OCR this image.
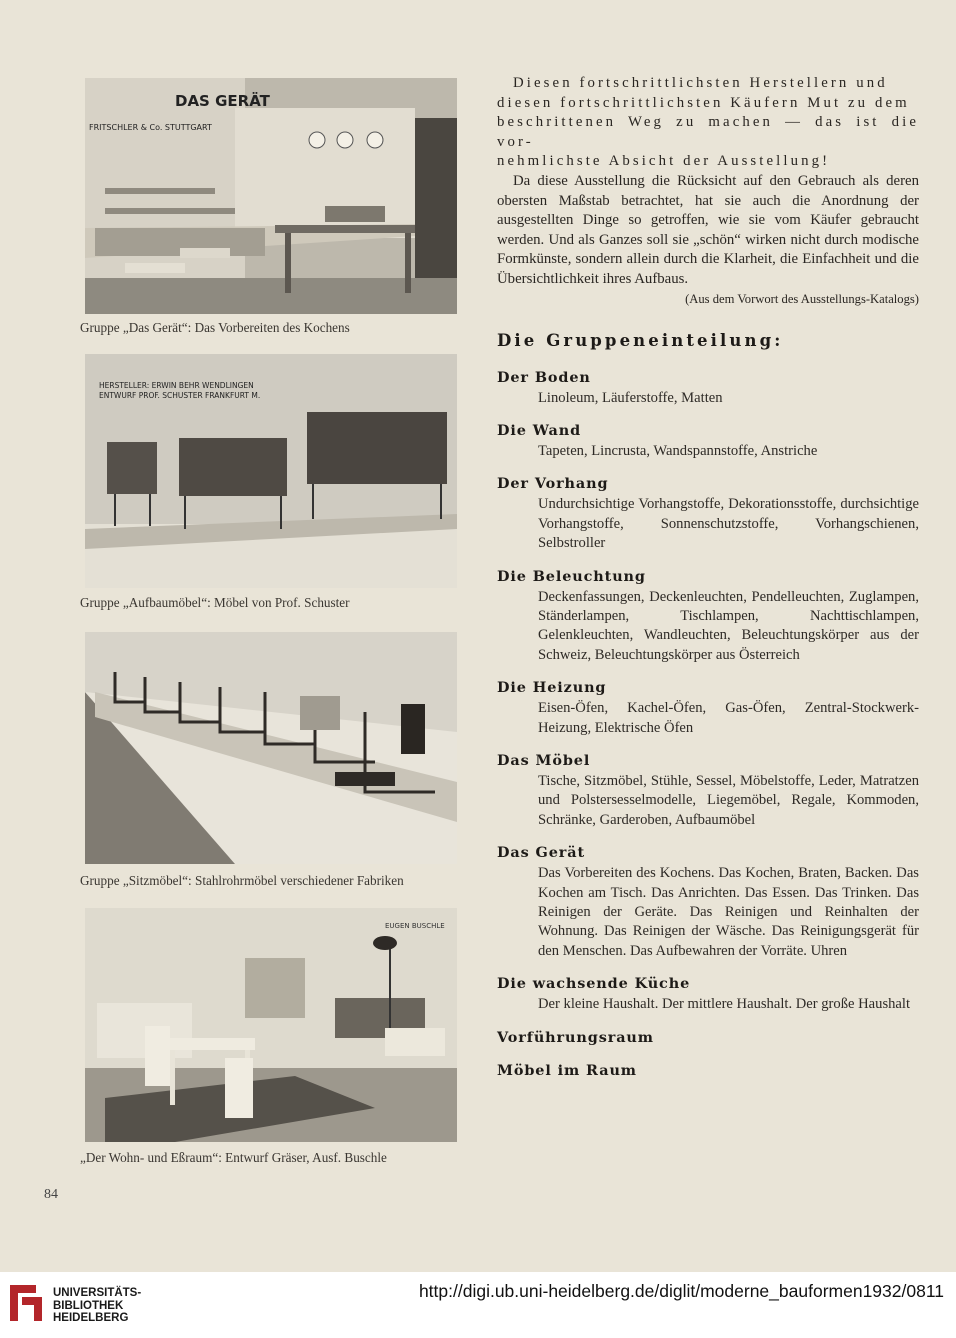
DAS GERÄT
FRITSCHLER & Co. STUTTGART
Gruppe „Das Gerät“: Das Vorbereiten des Kochens
HERSTELLER: ERWIN BEHR WENDLINGEN
ENTWURF PROF. SCHUSTER FRANKFURT M.
Gruppe „Aufbaumöbel“: Möbel von Prof. Schuster
Gruppe „Sitzmöbel“: Stahlrohrmöbel verschiedener Fabriken
EUGEN BUSCHLE
„Der Wohn- und Eßraum“: Entwurf Gräser, Ausf. Buschle
Diesen fortschrittlichsten Herstellern und
diesen fortschrittlichsten Käufern Mut zu dem
beschrittenen Weg zu machen — das ist die vor-
nehmlichste Absicht der Ausstellung!

Da diese Ausstellung die Rücksicht auf den Gebrauch als deren obersten Maßstab betrachtet, hat sie auch die Anordnung der ausgestellten Dinge so getroffen, wie sie vom Käufer gebraucht werden. Und als Ganzes soll sie „schön“ wirken nicht durch modische Formkünste, sondern allein durch die Klarheit, die Einfachheit und die Übersichtlichkeit ihres Aufbaus.

(Aus dem Vorwort des Ausstellungs-Katalogs)
Die Gruppeneinteilung:
Der Boden
Linoleum, Läuferstoffe, Matten
Die Wand
Tapeten, Lincrusta, Wandspannstoffe, Anstriche
Der Vorhang
Undurchsichtige Vorhangstoffe, Dekorationsstoffe, durchsichtige Vorhangstoffe, Sonnenschutzstoffe, Vorhangschienen, Selbstroller
Die Beleuchtung
Deckenfassungen, Deckenleuchten, Pendelleuchten, Zuglampen, Ständerlampen, Tischlampen, Nachttischlampen, Gelenkleuchten, Wandleuchten, Beleuchtungskörper aus der Schweiz, Beleuchtungskörper aus Österreich
Die Heizung
Eisen-Öfen, Kachel-Öfen, Gas-Öfen, Zentral-Stockwerk-Heizung, Elektrische Öfen
Das Möbel
Tische, Sitzmöbel, Stühle, Sessel, Möbelstoffe, Leder, Matratzen und Polstersesselmodelle, Liegemöbel, Regale, Kommoden, Schränke, Garderoben, Aufbaumöbel
Das Gerät
Das Vorbereiten des Kochens. Das Kochen, Braten, Backen. Das Kochen am Tisch. Das Anrichten. Das Essen. Das Trinken. Das Reinigen der Geräte. Das Reinigen und Reinhalten der Wohnung. Das Reinigen der Wäsche. Das Reinigungsgerät für den Menschen. Das Aufbewahren der Vorräte. Uhren
Die wachsende Küche
Der kleine Haushalt. Der mittlere Haushalt. Der große Haushalt
Vorführungsraum
Möbel im Raum
84
UNIVERSITÄTS-
BIBLIOTHEK
HEIDELBERG
http://digi.ub.uni-heidelberg.de/diglit/moderne_bauformen1932/0811
